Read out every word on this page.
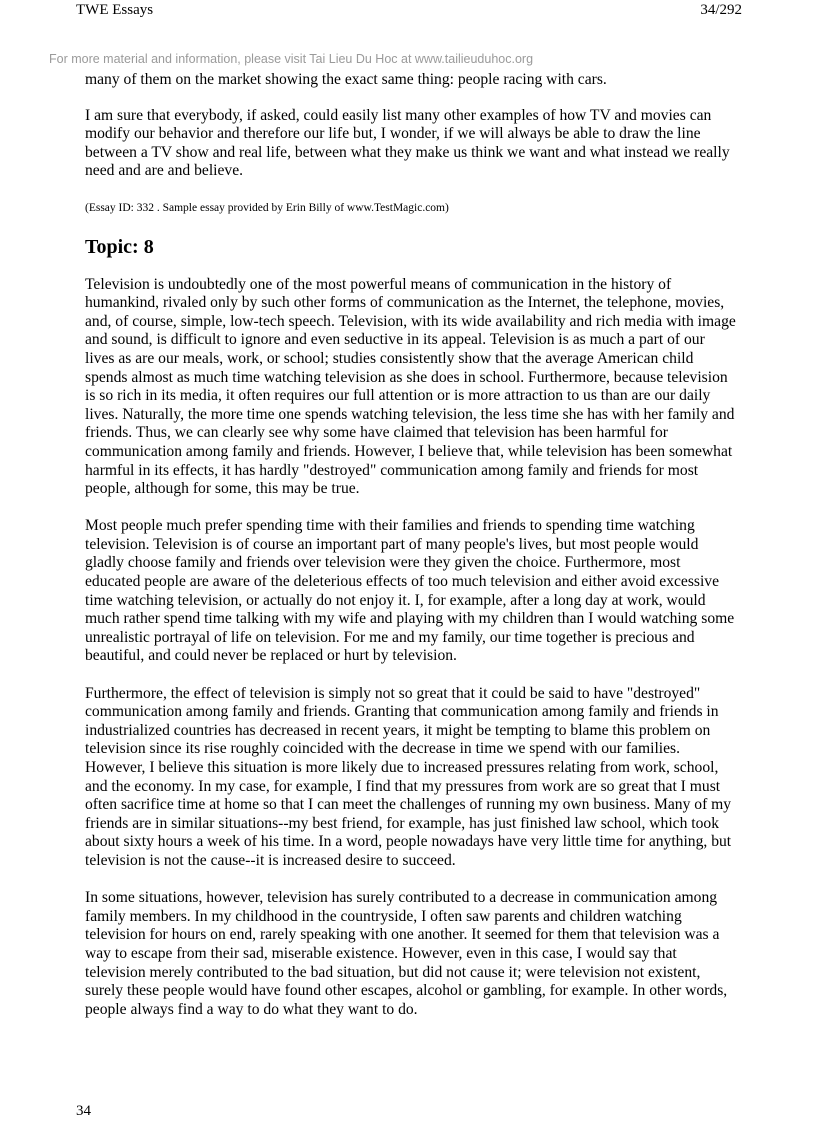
TWE Essays	34/292
For more material and information, please visit Tai Lieu Du Hoc at www.tailieuduhoc.org

many of them on the market showing the exact same thing: people racing with cars.

I am sure that everybody, if asked, could easily list many other examples of how TV and movies can modify our behavior and therefore our life but, I wonder, if we will always be able to draw the line between a TV show and real life, between what they make us think we want and what instead we really need and are and believe.

(Essay ID: 332 . Sample essay provided by Erin Billy of www.TestMagic.com)
Topic: 8

Television is undoubtedly one of the most powerful means of communication in the history of humankind, rivaled only by such other forms of communication as the Internet, the telephone, movies, and, of course, simple, low-tech speech. Television, with its wide availability and rich media with image and sound, is difficult to ignore and even seductive in its appeal. Television is as much a part of our lives as are our meals, work, or school; studies consistently show that the average American child spends almost as much time watching television as she does in school. Furthermore, because television is so rich in its media, it often requires our full attention or is more attraction to us than are our daily lives. Naturally, the more time one spends watching television, the less time she has with her family and friends. Thus, we can clearly see why some have claimed that television has been harmful for communication among family and friends. However, I believe that, while television has been somewhat harmful in its effects, it has hardly "destroyed" communication among family and friends for most people, although for some, this may be true.

Most people much prefer spending time with their families and friends to spending time watching television. Television is of course an important part of many people's lives, but most people would gladly choose family and friends over television were they given the choice. Furthermore, most educated people are aware of the deleterious effects of too much television and either avoid excessive time watching television, or actually do not enjoy it. I, for example, after a long day at work, would much rather spend time talking with my wife and playing with my children than I would watching some unrealistic portrayal of life on television. For me and my family, our time together is precious and beautiful, and could never be replaced or hurt by television.

Furthermore, the effect of television is simply not so great that it could be said to have "destroyed" communication among family and friends. Granting that communication among family and friends in industrialized countries has decreased in recent years, it might be tempting to blame this problem on television since its rise roughly coincided with the decrease in time we spend with our families. However, I believe this situation is more likely due to increased pressures relating from work, school, and the economy. In my case, for example, I find that my pressures from work are so great that I must often sacrifice time at home so that I can meet the challenges of running my own business. Many of my friends are in similar situations--my best friend, for example, has just finished law school, which took about sixty hours a week of his time. In a word, people nowadays have very little time for anything, but television is not the cause--it is increased desire to succeed.

In some situations, however, television has surely contributed to a decrease in communication among family members. In my childhood in the countryside, I often saw parents and children watching television for hours on end, rarely speaking with one another. It seemed for them that television was a way to escape from their sad, miserable existence. However, even in this case, I would say that television merely contributed to the bad situation, but did not cause it; were television not existent, surely these people would have found other escapes, alcohol or gambling, for example. In other words, people always find a way to do what they want to do.

34
